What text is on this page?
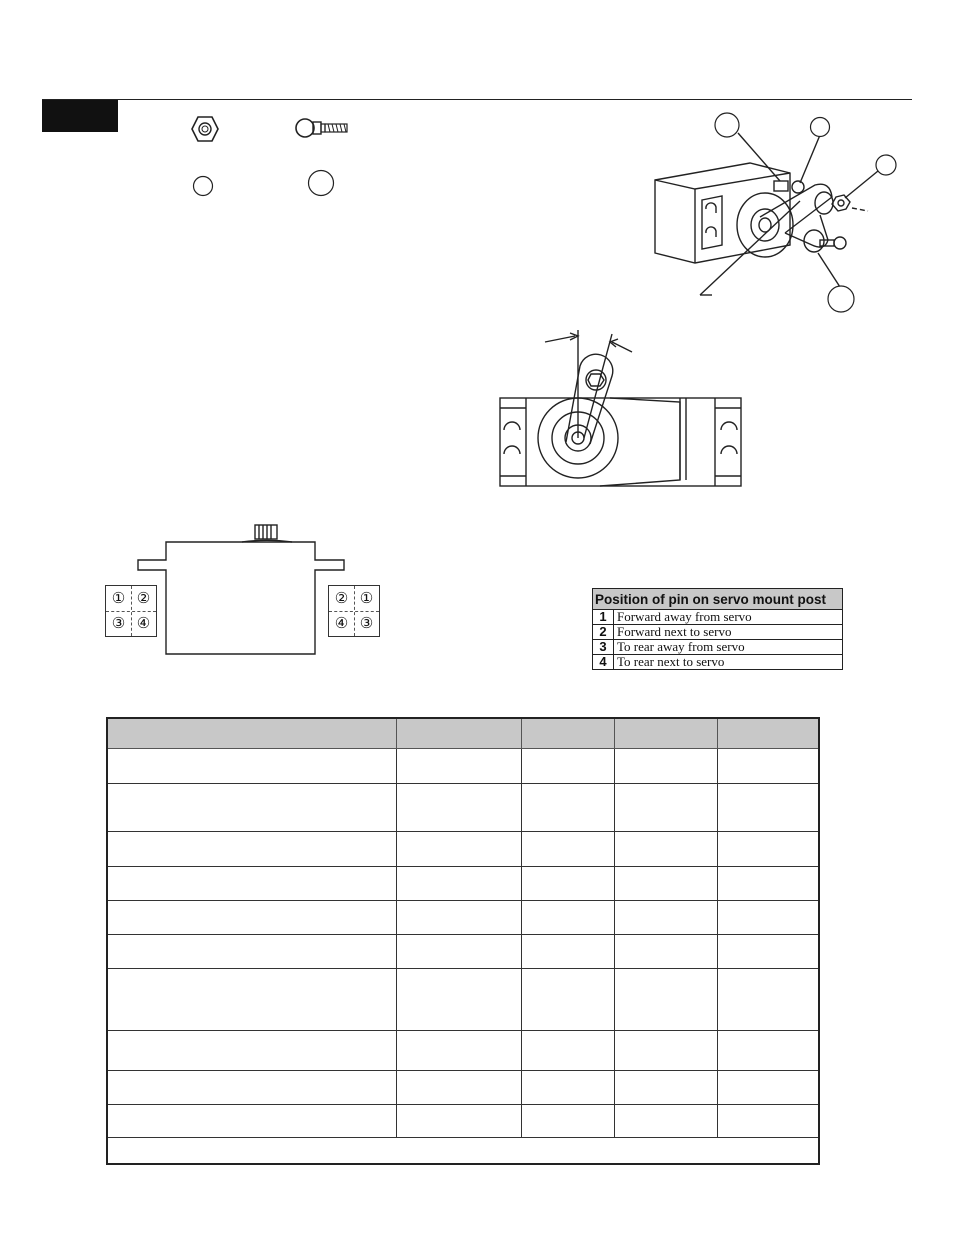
① ②
③ ④
② ①
④ ③
Position of pin on servo mount post	
1	Forward away from servo
2	Forward next to servo
3	To rear away from servo
4	To rear next to servo
